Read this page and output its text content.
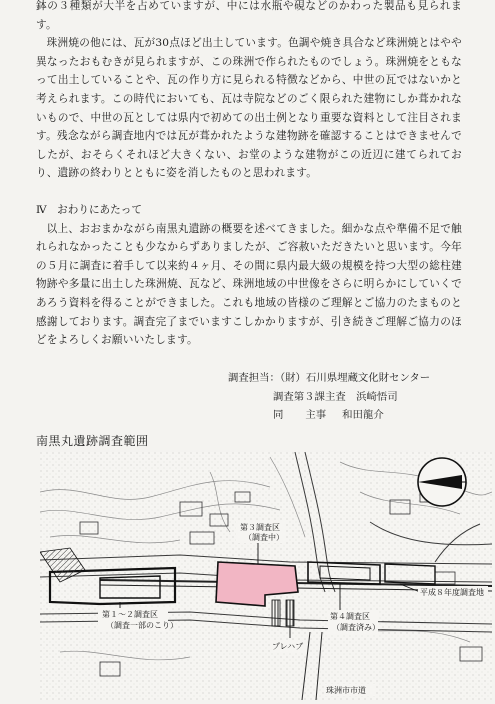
鉢の３種類が大半を占めていますが、中には水瓶や硯などのかわった製品も見られます。

珠洲焼の他には、瓦が30点ほど出土しています。色調や焼き具合など珠洲焼とはやや異なったおもむきが見られますが、この珠洲で作られたものでしょう。珠洲焼をともなって出土していることや、瓦の作り方に見られる特徴などから、中世の瓦ではないかと考えられます。この時代においても、瓦は寺院などのごく限られた建物にしか葺かれないもので、中世の瓦としては県内で初めての出土例となり重要な資料として注目されます。残念ながら調査地内では瓦が葺かれたような建物跡を確認することはできませんでしたが、おそらくそれほど大きくない、お堂のような建物がこの近辺に建てられており、遺跡の終わりとともに姿を消したものと思われます。

Ⅳ　おわりにあたって

以上、おおまかながら南黒丸遺跡の概要を述べてきました。細かな点や準備不足で触れられなかったことも少なからずありましたが、ご容赦いただきたいと思います。今年の５月に調査に着手して以来約４ヶ月、その間に県内最大級の規模を持つ大型の総柱建物跡や多量に出土した珠洲焼、瓦など、珠洲地域の中世像をさらに明らかにしていくであろう資料を得ることができました。これも地域の皆様のご理解とご協力のたまものと感謝しております。調査完了までいますこしかかりますが、引き続きご理解ご協力のほどをよろしくお願いいたします。

調査担当：（財）石川県埋蔵文化財センター
調査第３課主査　 浜崎悟司
同 主事 和田龍介
南黒丸遺跡調査範囲
第３調査区
（調査中）
第１～２調査区
（調査一部のこり）
第４調査区
（調査済み）
平成８年度調査地
プレハブ
珠洲市市道
